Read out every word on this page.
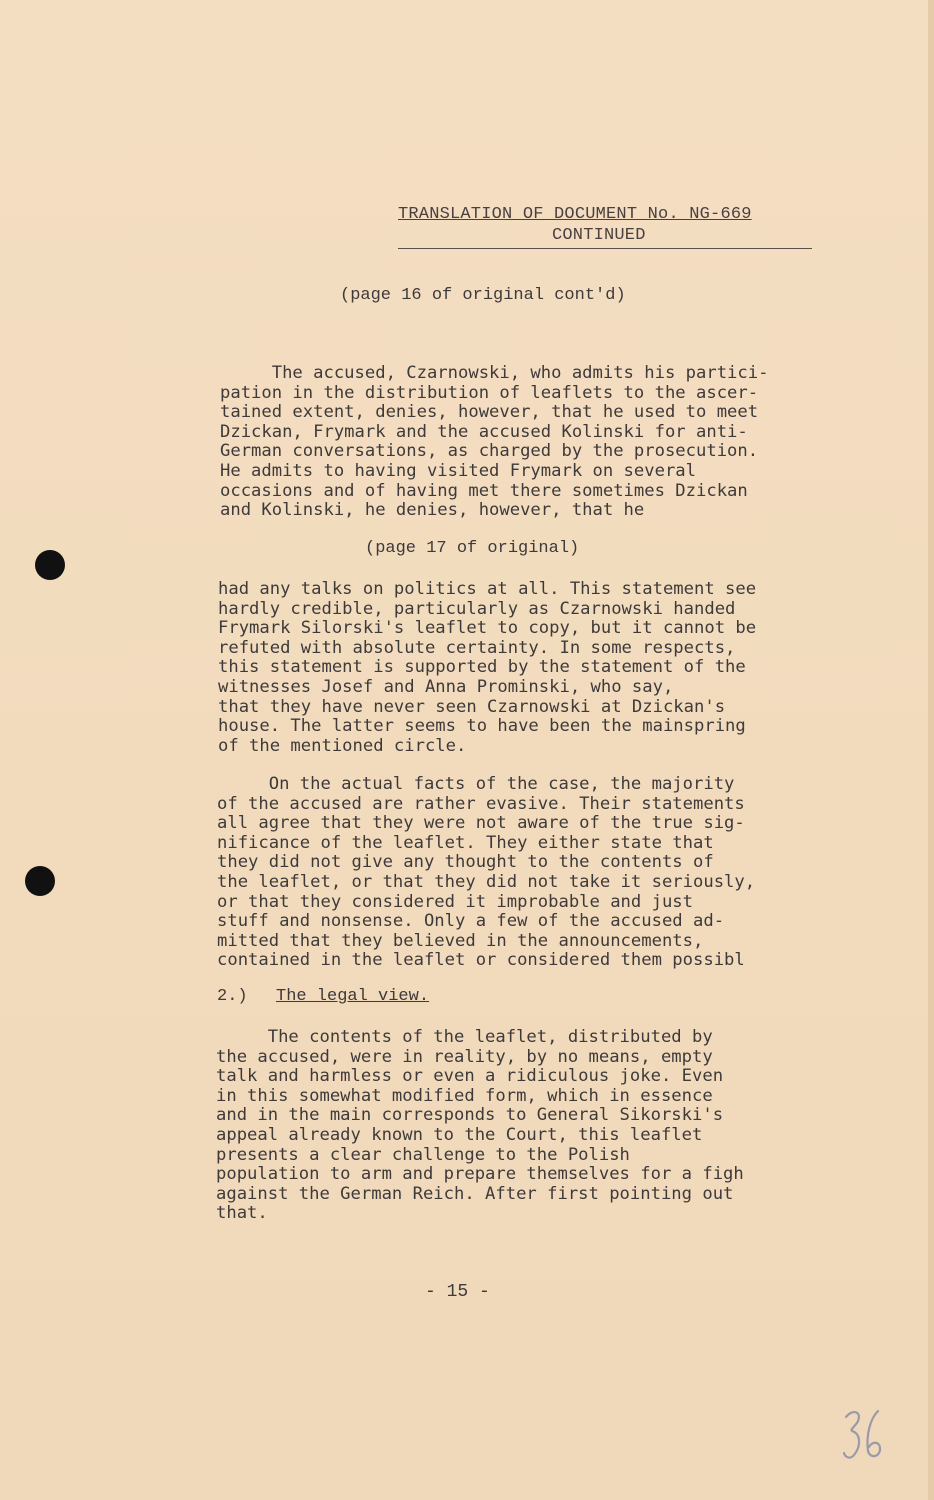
TRANSLATION OF DOCUMENT No. NG-669
CONTINUED
(page 16 of original cont'd)
The accused, Czarnowski, who admits his partici-
pation in the distribution of leaflets to the ascer-
tained extent, denies, however, that he used to meet
Dzickan, Frymark and the accused Kolinski for anti-
German conversations, as charged by the prosecution.
He admits to having visited Frymark on several
occasions and of having met there sometimes Dzickan
and Kolinski, he denies, however, that he
(page 17 of original)
had any talks on politics at all. This statement see
hardly credible, particularly as Czarnowski handed
Frymark Silorski's leaflet to copy, but it cannot be
refuted with absolute certainty. In some respects,
this statement is supported by the statement of the
witnesses Josef and Anna Prominski, who say,
that they have never seen Czarnowski at Dzickan's
house. The latter seems to have been the mainspring
of the mentioned circle.
On the actual facts of the case, the majority
of the accused are rather evasive. Their statements
all agree that they were not aware of the true sig-
nificance of the leaflet. They either state that
they did not give any thought to the contents of
the leaflet, or that they did not take it seriously,
or that they considered it improbable and just
stuff and nonsense. Only a few of the accused ad-
mitted that they believed in the announcements,
contained in the leaflet or considered them possibl
2.) The legal view.
The contents of the leaflet, distributed by
the accused, were in reality, by no means, empty
talk and harmless or even a ridiculous joke. Even
in this somewhat modified form, which in essence
and in the main corresponds to General Sikorski's
appeal already known to the Court, this leaflet
presents a clear challenge to the Polish
population to arm and prepare themselves for a figh
against the German Reich. After first pointing out
that.
- 15 -
